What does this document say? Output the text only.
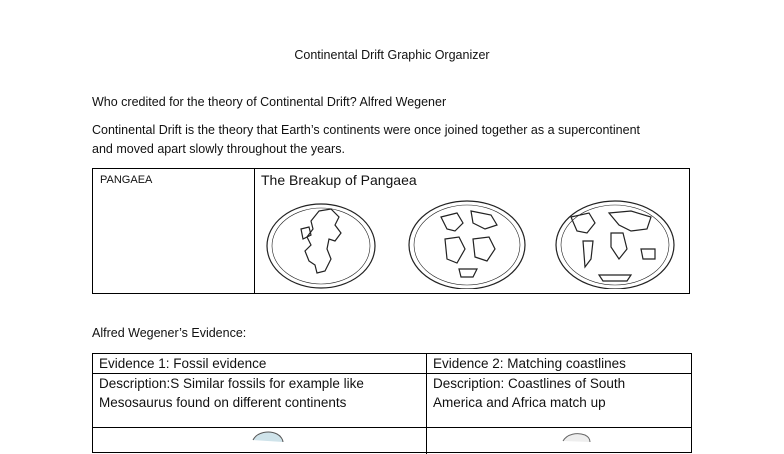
Continental Drift Graphic Organizer
Who credited for the theory of Continental Drift? Alfred Wegener
Continental Drift is the theory that Earth’s continents were once joined together as a supercontinent
and moved apart slowly throughout the years.
PANGAEA	The Breakup of Pangaea
Alfred Wegener’s Evidence:
Evidence 1: Fossil evidence
Description:S Similar fossils for example like
Mesosaurus found on different continents
Evidence 2: Matching coastlines
Description: Coastlines of South
America and Africa match up
